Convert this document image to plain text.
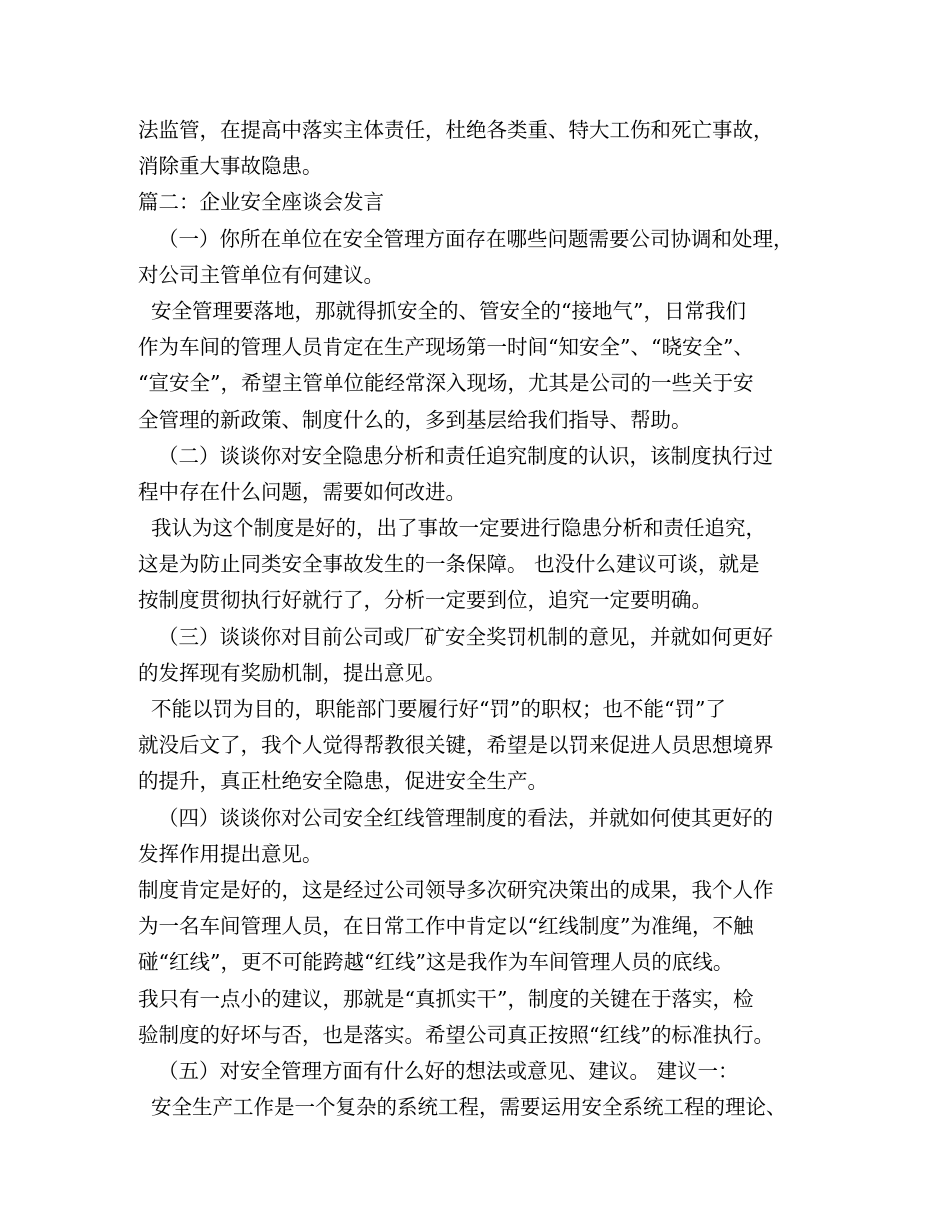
法监管，在提高中落实主体责任，杜绝各类重、特大工伤和死亡事故，
消除重大事故隐患。
篇二：企业安全座谈会发言
（一）你所在单位在安全管理方面存在哪些问题需要公司协调和处理，
对公司主管单位有何建议。
安全管理要落地，那就得抓安全的、管安全的“接地气”，日常我们
作为车间的管理人员肯定在生产现场第一时间“知安全”、“晓安全”、
“宣安全”，希望主管单位能经常深入现场，尤其是公司的一些关于安
全管理的新政策、制度什么的，多到基层给我们指导、帮助。
（二）谈谈你对安全隐患分析和责任追究制度的认识，该制度执行过
程中存在什么问题，需要如何改进。
我认为这个制度是好的，出了事故一定要进行隐患分析和责任追究，
这是为防止同类安全事故发生的一条保障。 也没什么建议可谈，就是
按制度贯彻执行好就行了，分析一定要到位，追究一定要明确。
（三）谈谈你对目前公司或厂矿安全奖罚机制的意见，并就如何更好
的发挥现有奖励机制，提出意见。
不能以罚为目的，职能部门要履行好“罚”的职权；也不能“罚”了
就没后文了，我个人觉得帮教很关键，希望是以罚来促进人员思想境界
的提升，真正杜绝安全隐患，促进安全生产。
（四）谈谈你对公司安全红线管理制度的看法，并就如何使其更好的
发挥作用提出意见。
制度肯定是好的，这是经过公司领导多次研究决策出的成果，我个人作
为一名车间管理人员，在日常工作中肯定以“红线制度”为准绳，不触
碰“红线”，更不可能跨越“红线”这是我作为车间管理人员的底线。
我只有一点小的建议，那就是“真抓实干”，制度的关键在于落实，检
验制度的好坏与否，也是落实。希望公司真正按照“红线”的标准执行。
（五）对安全管理方面有什么好的想法或意见、建议。 建议一：
安全生产工作是一个复杂的系统工程，需要运用安全系统工程的理论、
